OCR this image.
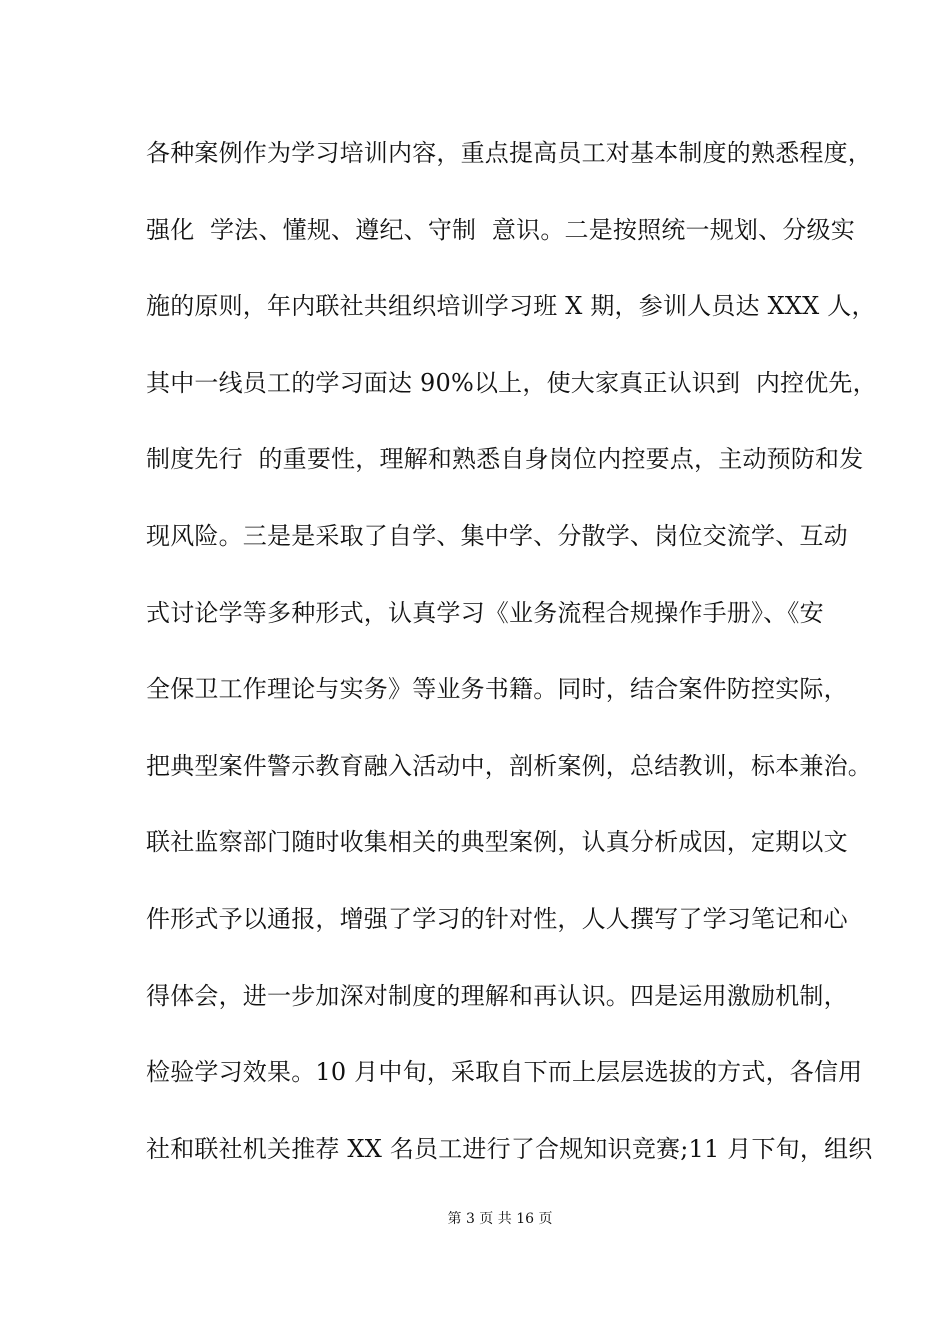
各种案例作为学习培训内容，重点提高员工对基本制度的熟悉程度，
强化  学法、懂规、遵纪、守制  意识。二是按照统一规划、分级实
施的原则，年内联社共组织培训学习班 X 期，参训人员达 XXX 人，
其中一线员工的学习面达 90%以上，使大家真正认识到  内控优先，
制度先行  的重要性，理解和熟悉自身岗位内控要点，主动预防和发
现风险。三是是采取了自学、集中学、分散学、岗位交流学、互动
式讨论学等多种形式，认真学习《业务流程合规操作手册》、《安
全保卫工作理论与实务》等业务书籍。同时，结合案件防控实际，
把典型案件警示教育融入活动中，剖析案例，总结教训，标本兼治。
联社监察部门随时收集相关的典型案例，认真分析成因，定期以文
件形式予以通报，增强了学习的针对性，人人撰写了学习笔记和心
得体会，进一步加深对制度的理解和再认识。四是运用激励机制，
检验学习效果。10 月中旬，采取自下而上层层选拔的方式，各信用
社和联社机关推荐 XX 名员工进行了合规知识竞赛;11 月下旬，组织
第 3 页 共 16 页
